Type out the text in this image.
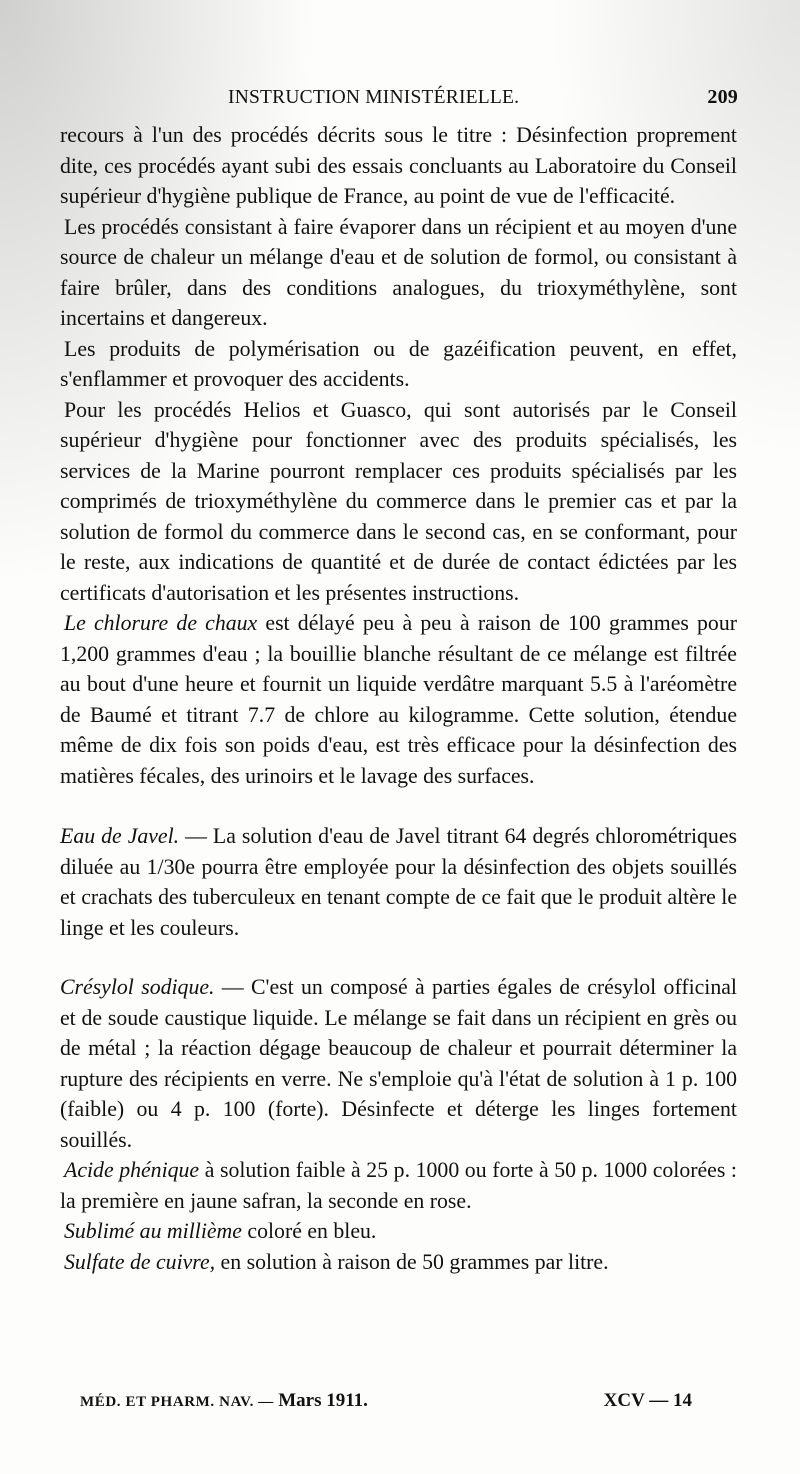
INSTRUCTION MINISTÉRIELLE.	209

recours à l'un des procédés décrits sous le titre : Désinfection proprement dite, ces procédés ayant subi des essais concluants au Laboratoire du Conseil supérieur d'hygiène publique de France, au point de vue de l'efficacité.

Les procédés consistant à faire évaporer dans un récipient et au moyen d'une source de chaleur un mélange d'eau et de solution de formol, ou consistant à faire brûler, dans des conditions analogues, du trioxyméthylène, sont incertains et dangereux.

Les produits de polymérisation ou de gazéification peuvent, en effet, s'enflammer et provoquer des accidents.

Pour les procédés Helios et Guasco, qui sont autorisés par le Conseil supérieur d'hygiène pour fonctionner avec des produits spécialisés, les services de la Marine pourront remplacer ces produits spécialisés par les comprimés de trioxyméthylène du commerce dans le premier cas et par la solution de formol du commerce dans le second cas, en se conformant, pour le reste, aux indications de quantité et de durée de contact édictées par les certificats d'autorisation et les présentes instructions.

Le chlorure de chaux est délayé peu à peu à raison de 100 grammes pour 1,200 grammes d'eau ; la bouillie blanche résultant de ce mélange est filtrée au bout d'une heure et fournit un liquide verdâtre marquant 5.5 à l'aréomètre de Baumé et titrant 7.7 de chlore au kilogramme. Cette solution, étendue même de dix fois son poids d'eau, est très efficace pour la désinfection des matières fécales, des urinoirs et le lavage des surfaces.

Eau de Javel. — La solution d'eau de Javel titrant 64 degrés chlorométriques diluée au 1/30e pourra être employée pour la désinfection des objets souillés et crachats des tuberculeux en tenant compte de ce fait que le produit altère le linge et les couleurs.

Crésylol sodique. — C'est un composé à parties égales de crésylol officinal et de soude caustique liquide. Le mélange se fait dans un récipient en grès ou de métal ; la réaction dégage beaucoup de chaleur et pourrait déterminer la rupture des récipients en verre. Ne s'emploie qu'à l'état de solution à 1 p. 100 (faible) ou 4 p. 100 (forte). Désinfecte et déterge les linges fortement souillés.

Acide phénique à solution faible à 25 p. 1000 ou forte à 50 p. 1000 colorées : la première en jaune safran, la seconde en rose.

Sublimé au millième coloré en bleu.

Sulfate de cuivre, en solution à raison de 50 grammes par litre.

MÉD. ET PHARM. NAV. — Mars 1911.	XCV — 14
